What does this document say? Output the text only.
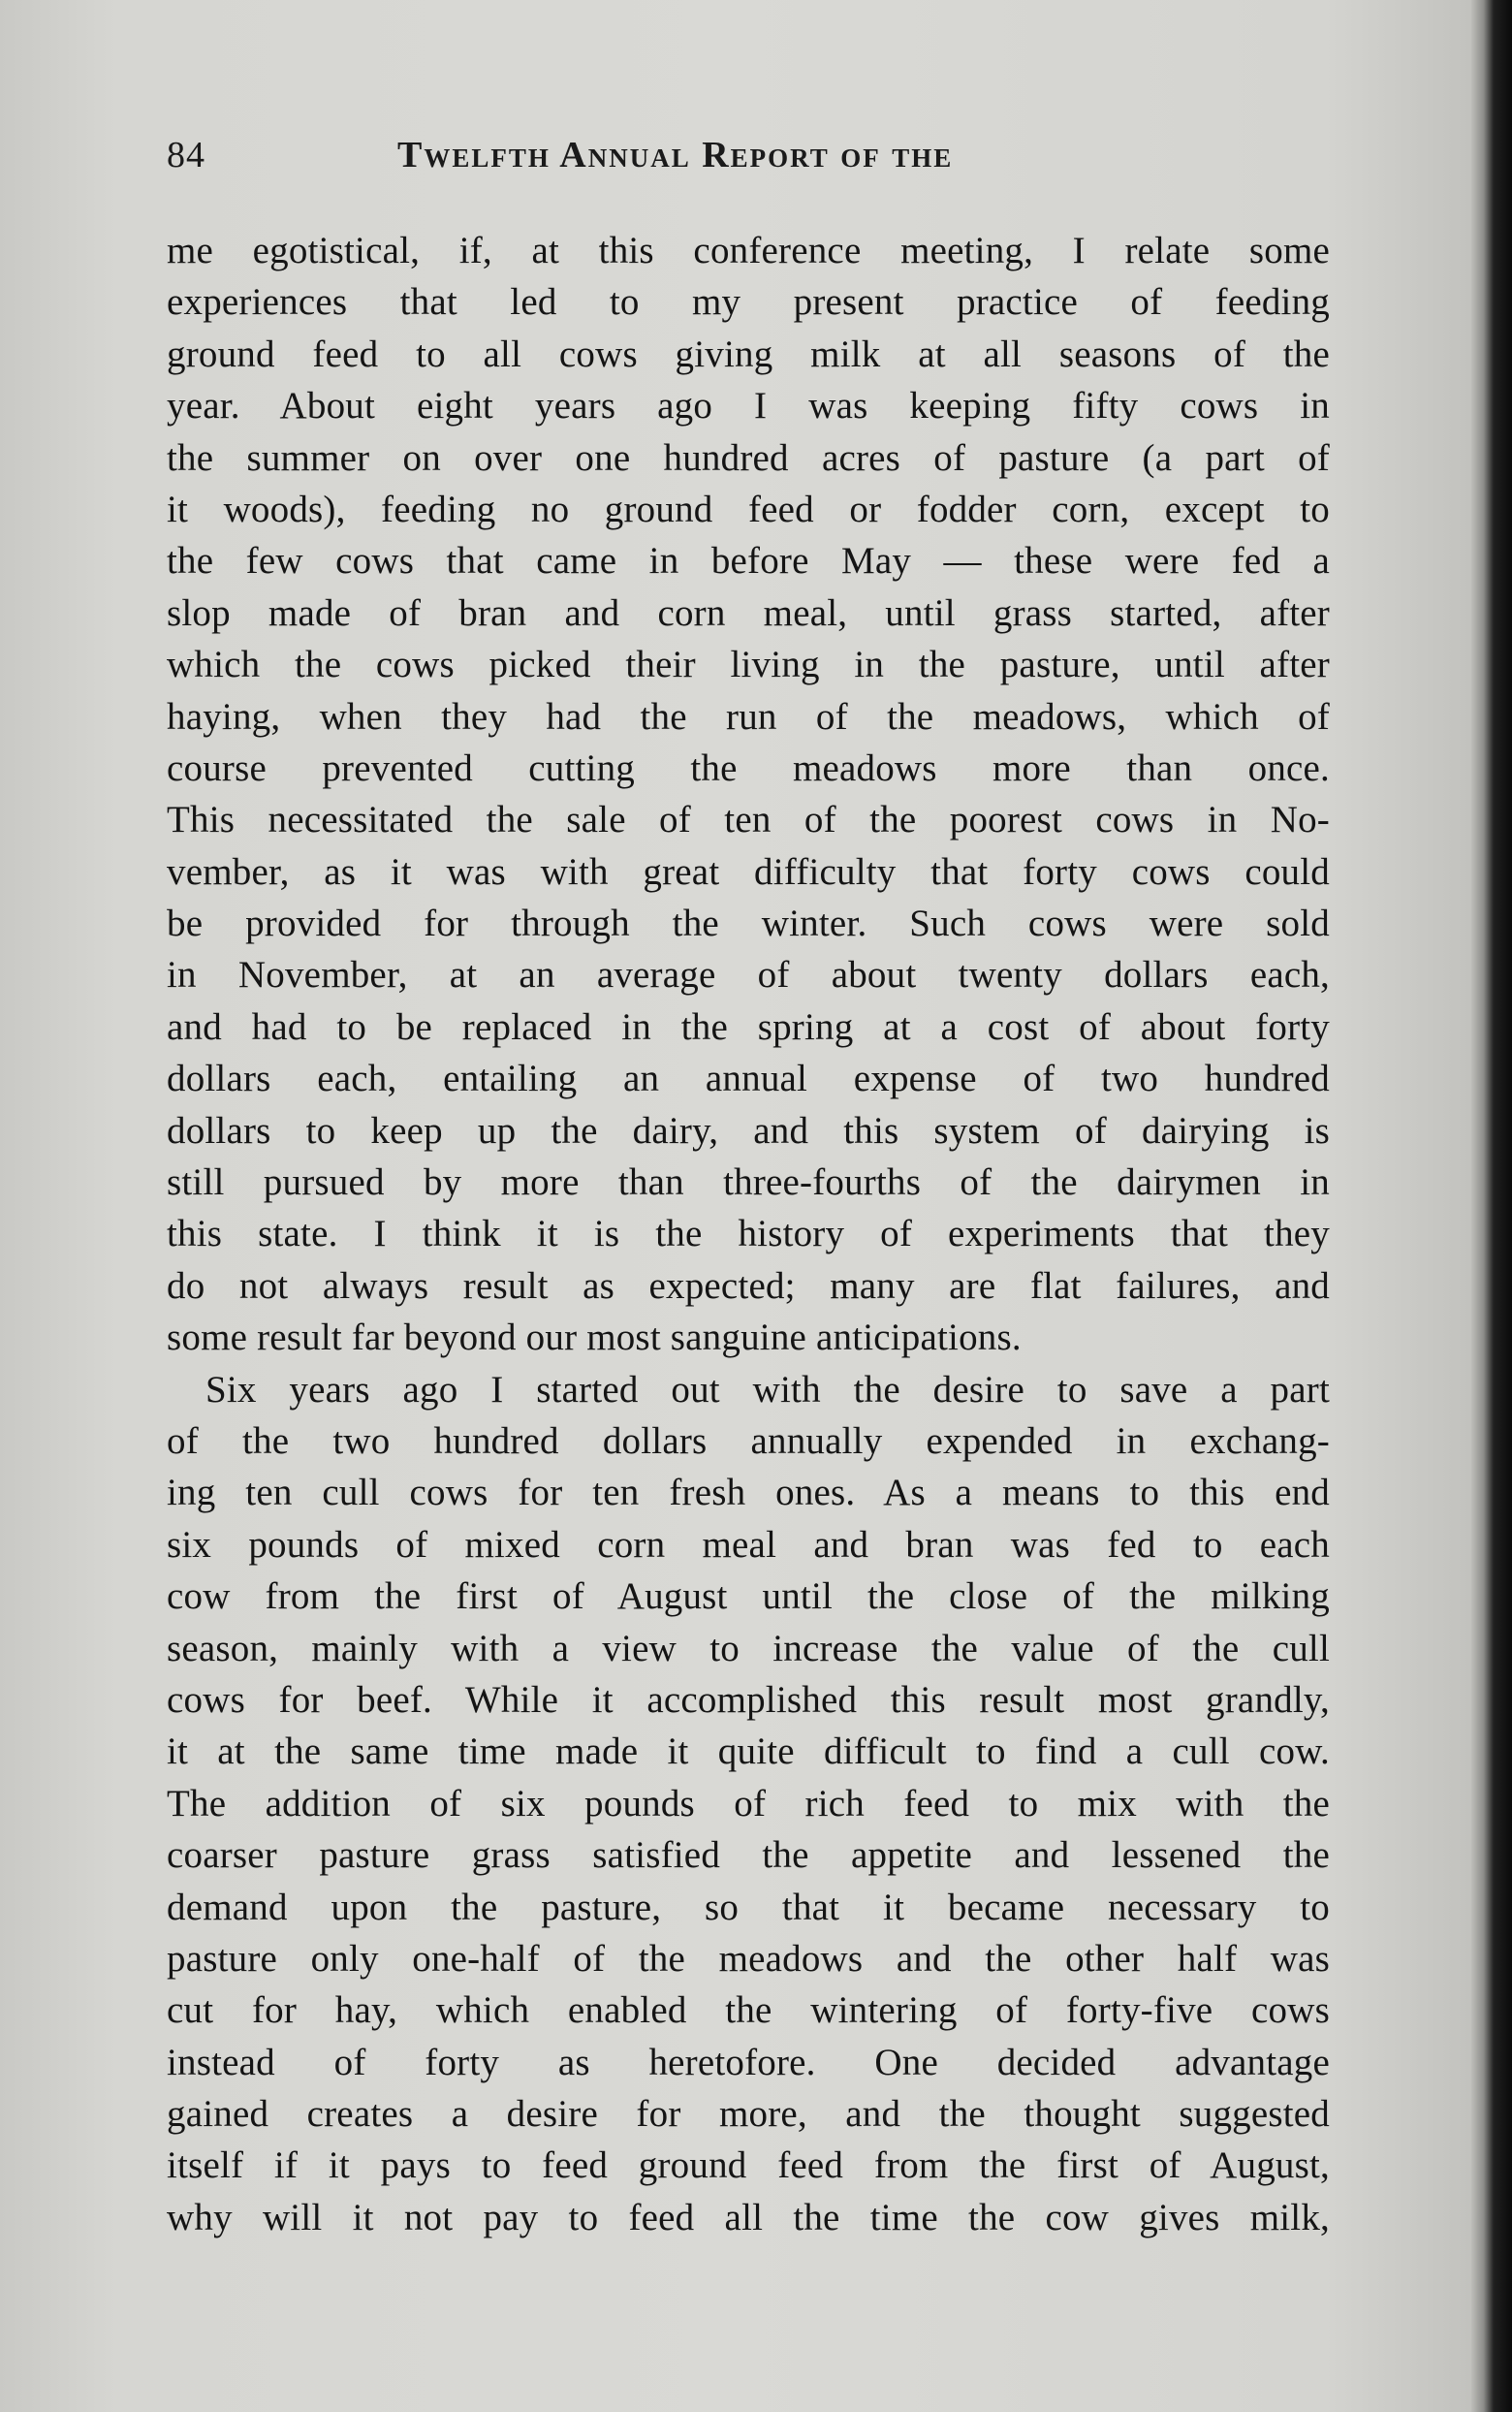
84	Twelfth Annual Report of the
me egotistical, if, at this conference meeting, I relate some
experiences that led to my present practice of feeding
ground feed to all cows giving milk at all seasons of the
year. About eight years ago I was keeping fifty cows in
the summer on over one hundred acres of pasture (a part of
it woods), feeding no ground feed or fodder corn, except to
the few cows that came in before May — these were fed a
slop made of bran and corn meal, until grass started, after
which the cows picked their living in the pasture, until after
haying, when they had the run of the meadows, which of
course prevented cutting the meadows more than once.
This necessitated the sale of ten of the poorest cows in No-
vember, as it was with great difficulty that forty cows could
be provided for through the winter. Such cows were sold
in November, at an average of about twenty dollars each,
and had to be replaced in the spring at a cost of about forty
dollars each, entailing an annual expense of two hundred
dollars to keep up the dairy, and this system of dairying is
still pursued by more than three-fourths of the dairymen in
this state. I think it is the history of experiments that they
do not always result as expected; many are flat failures, and
some result far beyond our most sanguine anticipations.
Six years ago I started out with the desire to save a part
of the two hundred dollars annually expended in exchang-
ing ten cull cows for ten fresh ones. As a means to this end
six pounds of mixed corn meal and bran was fed to each
cow from the first of August until the close of the milking
season, mainly with a view to increase the value of the cull
cows for beef. While it accomplished this result most grandly,
it at the same time made it quite difficult to find a cull cow.
The addition of six pounds of rich feed to mix with the
coarser pasture grass satisfied the appetite and lessened the
demand upon the pasture, so that it became necessary to
pasture only one-half of the meadows and the other half was
cut for hay, which enabled the wintering of forty-five cows
instead of forty as heretofore. One decided advantage
gained creates a desire for more, and the thought suggested
itself if it pays to feed ground feed from the first of August,
why will it not pay to feed all the time the cow gives milk,
